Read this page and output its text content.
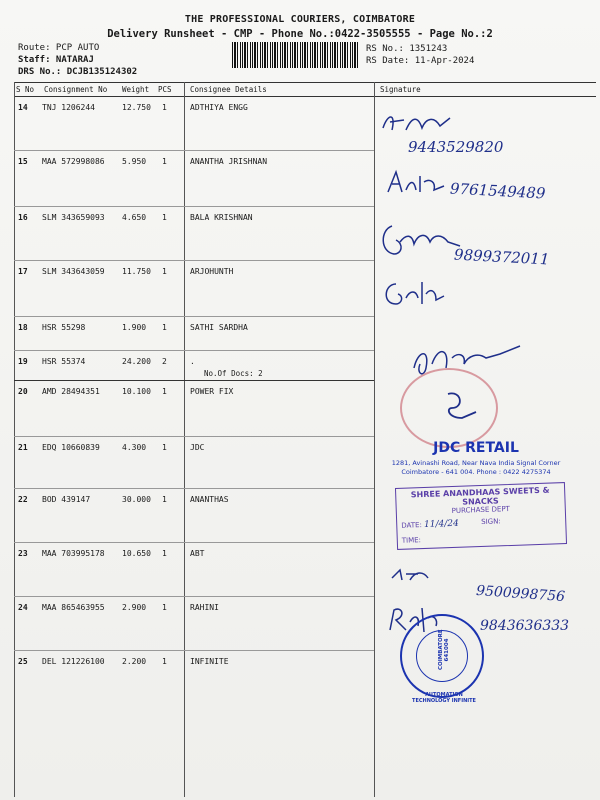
THE PROFESSIONAL COURIERS, COIMBATORE
Delivery Runsheet - CMP - Phone No.:0422-3505555 - Page No.:2
Route: PCP AUTO
Staff: NATARAJ
DRS No.: DCJB135124302
RS No.: 1351243
RS Date: 11-Apr-2024
S No Consignment No Weight PCS Consignee Details	Signature
14 TNJ 1206244	12.750 1	ADTHIYA ENGG
15 MAA 572998086 5.950 1	ANANTHA JRISHNAN
16 SLM 343659093 4.650 1	BALA KRISHNAN
17 SLM 343643059 11.750 1	ARJOHUNTH
18 HSR 55298	1.900 1	SATHI SARDHA
19 HSR 55374	24.200 2	.
No.Of Docs: 2
20 AMD 28494351	10.100 1	POWER FIX
21 EDQ 10660839	4.300 1	JDC
22 BOD 439147	30.000 1	ANANTHAS
23 MAA 703995178 10.650 1	ABT
24 MAA 865463955 2.900 1	RAHINI
25 DEL 121226100 2.200 1	INFINITE
9443529820
9761549489
9899372011
JDC RETAIL
1281, Avinashi Road, Near Nava India Signal Corner
Coimbatore - 641 004. Phone : 0422 4275374
SHREE ANANDHAAS SWEETS & SNACKS
PURCHASE DEPT
DATE: 11/4/24	SIGN:
TIME:
9500998756
9843636333
COIMBATORE 641004
AUTOMATION TECHNOLOGY INFINITE
